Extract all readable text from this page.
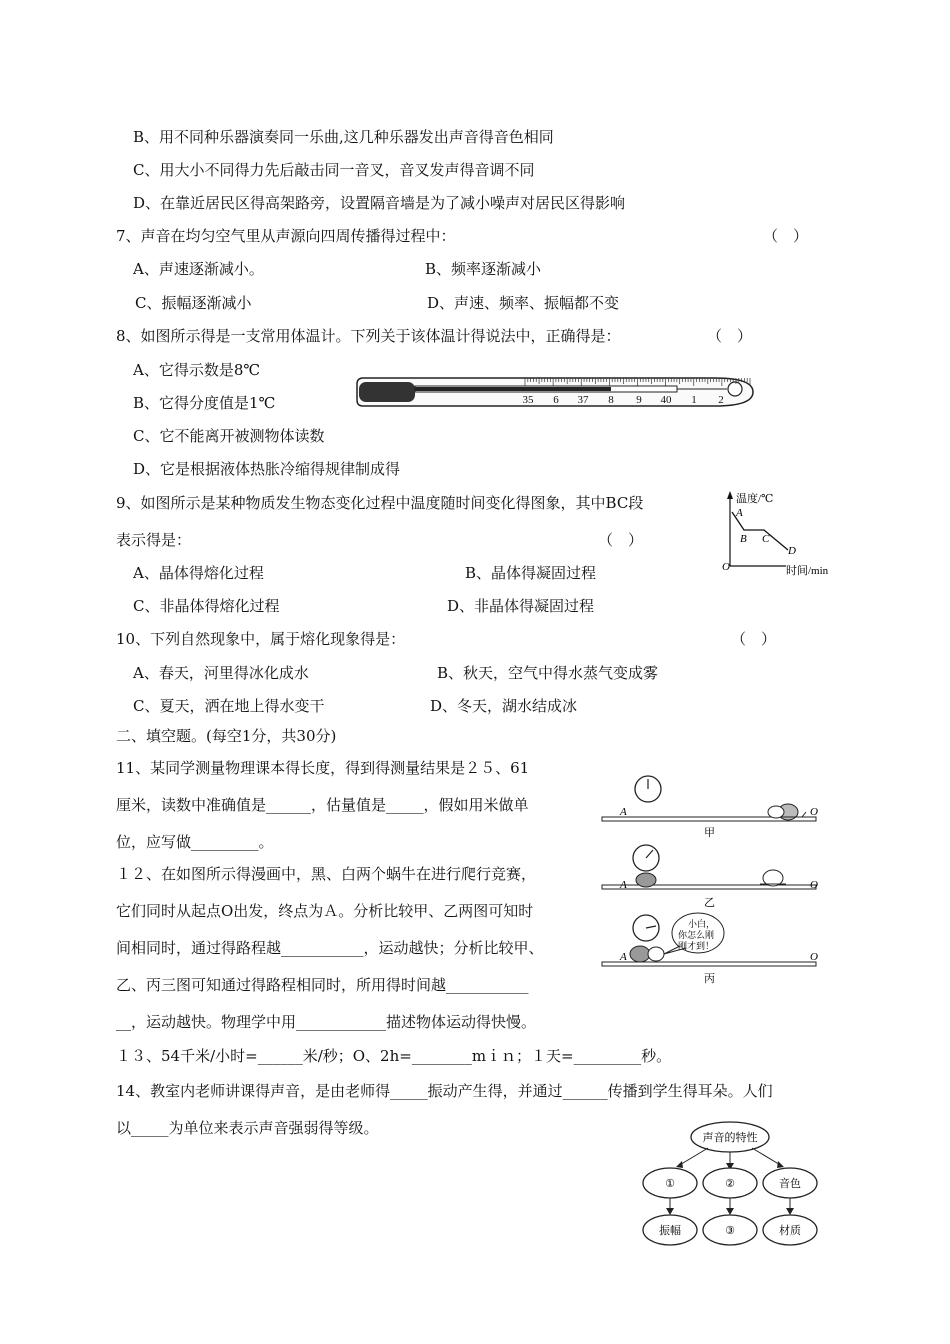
B、用不同种乐器演奏同一乐曲,这几种乐器发出声音得音色相同
C、用大小不同得力先后敲击同一音叉，音叉发声得音调不同
D、在靠近居民区得高架路旁，设置隔音墙是为了减小噪声对居民区得影响
7、声音在均匀空气里从声源向四周传播得过程中：	（　）
A、声速逐渐减小。	B、频率逐渐减小
C、振幅逐渐减小	D、声速、频率、振幅都不变
8、如图所示得是一支常用体温计。下列关于该体温计得说法中，正确得是：	（　）
A、它得示数是8℃
B、它得分度值是1℃
C、它不能离开被测物体读数
D、它是根据液体热胀冷缩得规律制成得
35 6 37 8 9 40 1 2
9、如图所示是某种物质发生物态变化过程中温度随时间变化得图象，其中BC段
表示得是：	（　）
A、晶体得熔化过程	B、晶体得凝固过程
C、非晶体得熔化过程	D、非晶体得凝固过程
温度/℃
A
B C
D
O	时间/min
10、下列自然现象中，属于熔化现象得是：	（　）
A、春天，河里得冰化成水	B、秋天，空气中得水蒸气变成雾
C、夏天，洒在地上得水变干	D、冬天，湖水结成冰
二、填空题。(每空1分，共30分)
11、某同学测量物理课本得长度，得到得测量结果是２５、61
厘米，读数中准确值是______，估量值是_____，假如用米做单
位，应写做_________。
１２、在如图所示得漫画中，黑、白两个蜗牛在进行爬行竞赛，
它们同时从起点O出发，终点为Ａ。分析比较甲、乙两图可知时
间相同时，通过得路程越___________，运动越快；分析比较甲、
乙、丙三图可知通过得路程相同时，所用得时间越___________
__，运动越快。物理学中用____________描述物体运动得快慢。
A	O
甲
A	O
乙
A	O
小白，
你怎么刚
刚才到！
丙
１３、54千米/小时=______米/秒；O、2h=________mｉｎ；１天=_________秒。
14、教室内老师讲课得声音，是由老师得_____振动产生得，并通过______传播到学生得耳朵。人们
以_____为单位来表示声音强弱得等级。
声音的特性
①	②	音色
振幅	③	材质
